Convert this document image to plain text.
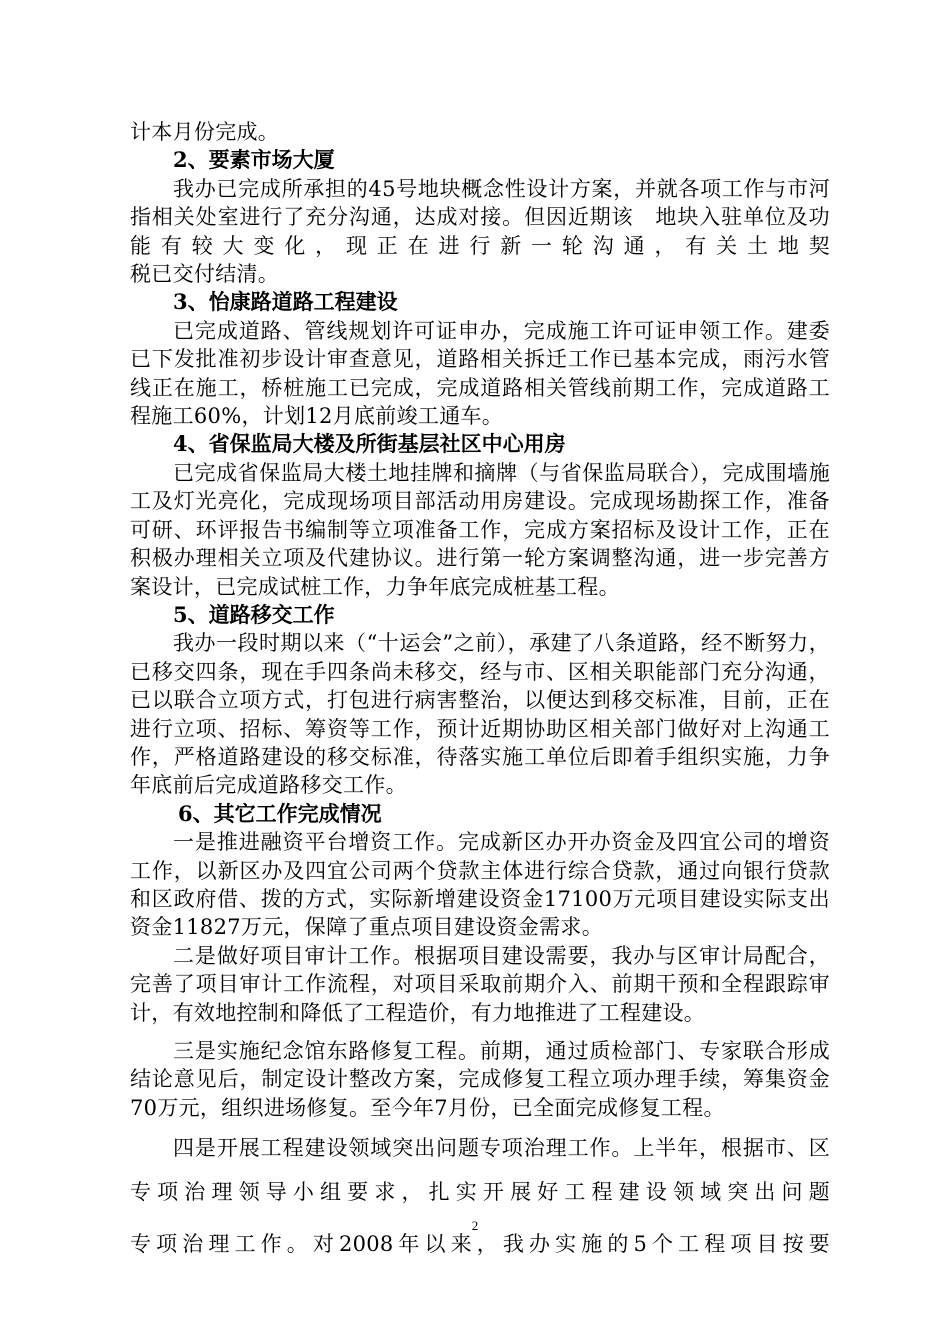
计本月份完成。

2、要素市场大厦

我办已完成所承担的45号地块概念性设计方案，并就各项工作与市河指相关处室进行了充分沟通，达成对接。但因近期该　地块入驻单位及功能有较大变化，现正在进行新一轮沟通，有关土地契

税已交付结清。

3、怡康路道路工程建设

已完成道路、管线规划许可证申办，完成施工许可证申领工作。建委已下发批准初步设计审查意见，道路相关拆迁工作已基本完成，雨污水管线正在施工，桥桩施工已完成，完成道路相关管线前期工作，完成道路工程施工60%，计划12月底前竣工通车。

4、省保监局大楼及所街基层社区中心用房

已完成省保监局大楼土地挂牌和摘牌（与省保监局联合），完成围墙施工及灯光亮化，完成现场项目部活动用房建设。完成现场勘探工作，准备可研、环评报告书编制等立项准备工作，完成方案招标及设计工作，正在积极办理相关立项及代建协议。进行第一轮方案调整沟通，进一步完善方案设计，已完成试桩工作，力争年底完成桩基工程。

5、道路移交工作

我办一段时期以来（“十运会”之前），承建了八条道路，经不断努力，已移交四条，现在手四条尚未移交，经与市、区相关职能部门充分沟通，已以联合立项方式，打包进行病害整治，以便达到移交标准，目前，正在进行立项、招标、筹资等工作，预计近期协助区相关部门做好对上沟通工作，严格道路建设的移交标准，待落实施工单位后即着手组织实施，力争年底前后完成道路移交工作。

6、其它工作完成情况

一是推进融资平台增资工作。完成新区办开办资金及四宜公司的增资工作，以新区办及四宜公司两个贷款主体进行综合贷款，通过向银行贷款和区政府借、拨的方式，实际新增建设资金17100万元项目建设实际支出资金11827万元，保障了重点项目建设资金需求。

二是做好项目审计工作。根据项目建设需要，我办与区审计局配合，完善了项目审计工作流程，对项目采取前期介入、前期干预和全程跟踪审计，有效地控制和降低了工程造价，有力地推进了工程建设。

三是实施纪念馆东路修复工程。前期，通过质检部门、专家联合形成结论意见后，制定设计整改方案，完成修复工程立项办理手续，筹集资金70万元，组织进场修复。至今年7月份，已全面完成修复工程。

四是开展工程建设领域突出问题专项治理工作。上半年，根据市、区专项治理领导小组要求，扎实开展好工程建设领域突出问题

专项治理工作。对2008年以来，我办实施的5个工程项目按要

2
